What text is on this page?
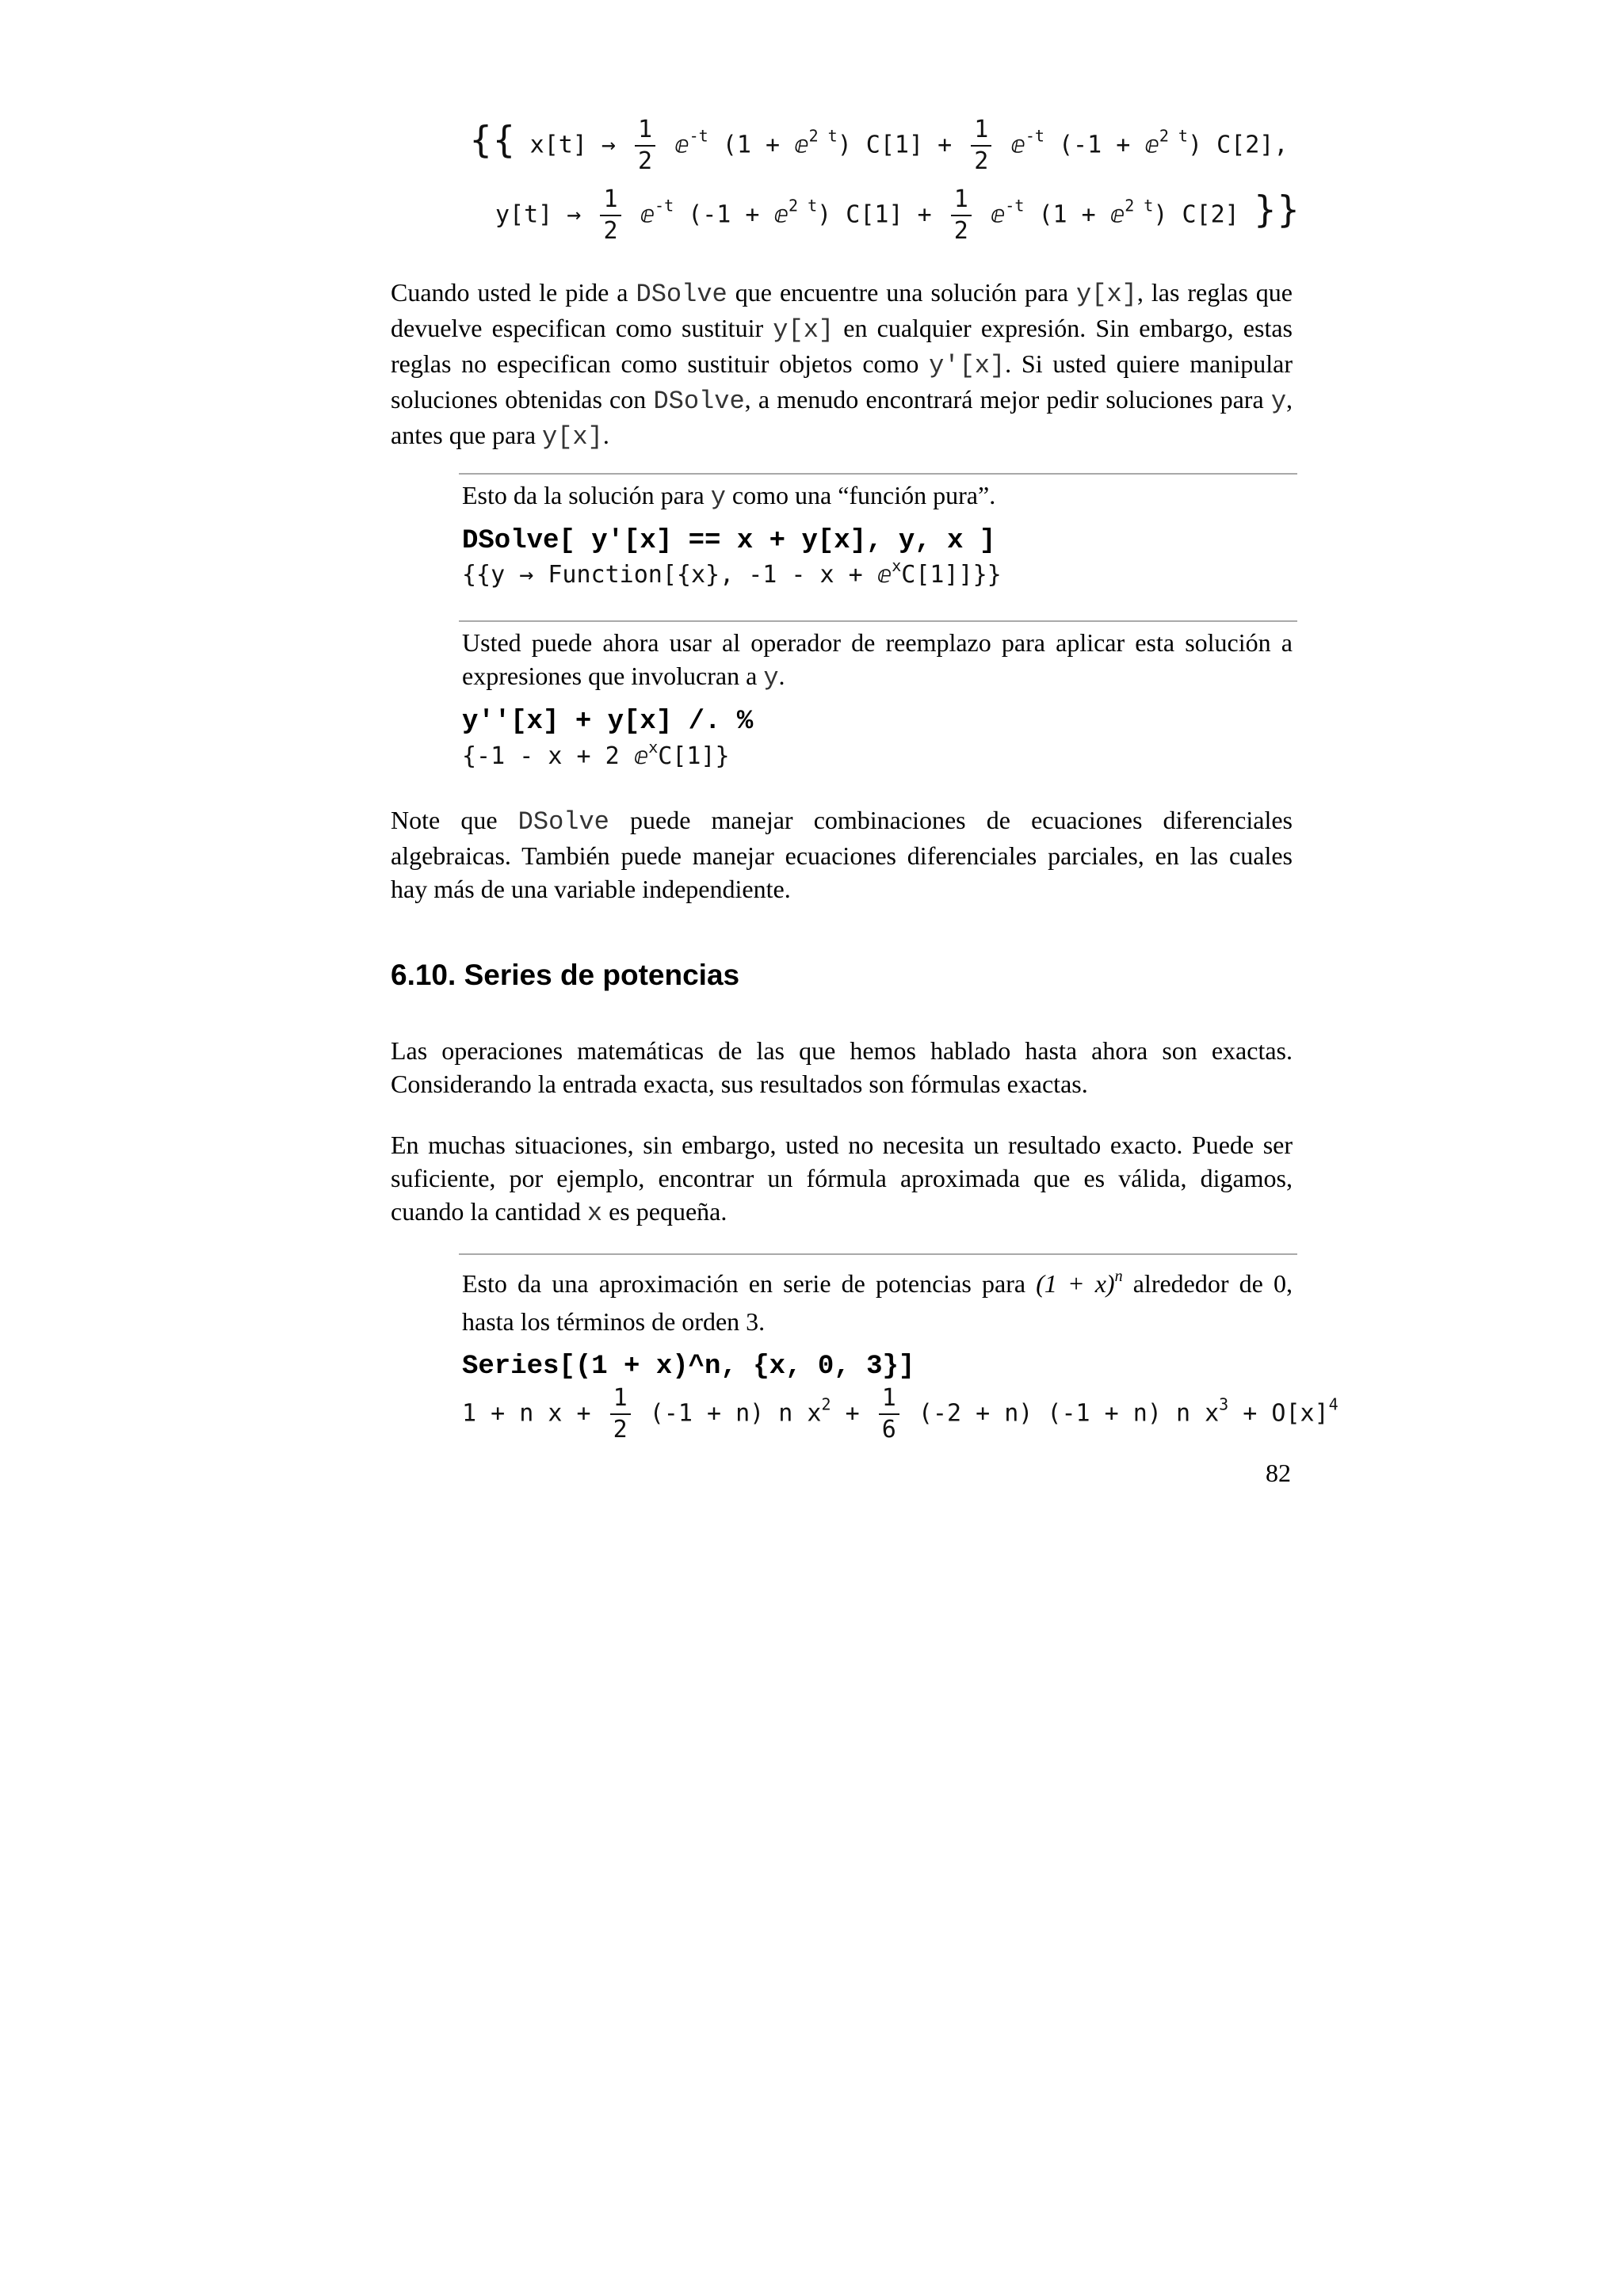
{{ $x[t] \to \frac{1}{2}$ ⅇ$^{-t}$ (1 + ⅇ$^{2 t}$) $C[1] + \frac{1}{2}$ ⅇ$^{-t}$ (-1 + ⅇ$^{2 t}$) C[2],
$y[t] \to \frac{1}{2}$ ⅇ$^{-t}$ (-1 + ⅇ$^{2 t}$) $C[1] + \frac{1}{2}$ ⅇ$^{-t}$ (1 + ⅇ$^{2 t}$) C[2] }}
Cuando usted le pide a DSolve que encuentre una solución para y[x], las reglas que devuelve especifican como sustituir y[x] en cualquier expresión. Sin embargo, estas reglas no especifican como sustituir objetos como y'[x]. Si usted quiere manipular soluciones obtenidas con DSolve, a menudo encontrará mejor pedir soluciones para y, antes que para y[x].
Esto da la solución para y como una “función pura”.
DSolve[ y'[x] == x + y[x], y, x ]
{{y → Function[{x}, -1 - x + ⅇ$^x$C[1]]}}
Usted puede ahora usar al operador de reemplazo para aplicar esta solución a expresiones que involucran a y.
y''[x] + y[x] /. %
{-1 - x + 2 ⅇ$^x$C[1]}
Note que DSolve puede manejar combinaciones de ecuaciones diferenciales algebraicas. También puede manejar ecuaciones diferenciales parciales, en las cuales hay más de una variable independiente.
6.10. Series de potencias
Las operaciones matemáticas de las que hemos hablado hasta ahora son exactas. Considerando la entrada exacta, sus resultados son fórmulas exactas.
En muchas situaciones, sin embargo, usted no necesita un resultado exacto. Puede ser suficiente, por ejemplo, encontrar un fórmula aproximada que es válida, digamos, cuando la cantidad x es pequeña.
Esto da una aproximación en serie de potencias para $(1 + x)^n$ alrededor de 0, hasta los términos de orden 3.
Series[(1 + x)^n, {x, 0, 3}]
1 + n $x + \frac{1}{2} (-1 + n)$ n $x^2 + \frac{1}{6} (-2 + n) (-1 + n)$ n $x^3 + O[x]^4$
82
